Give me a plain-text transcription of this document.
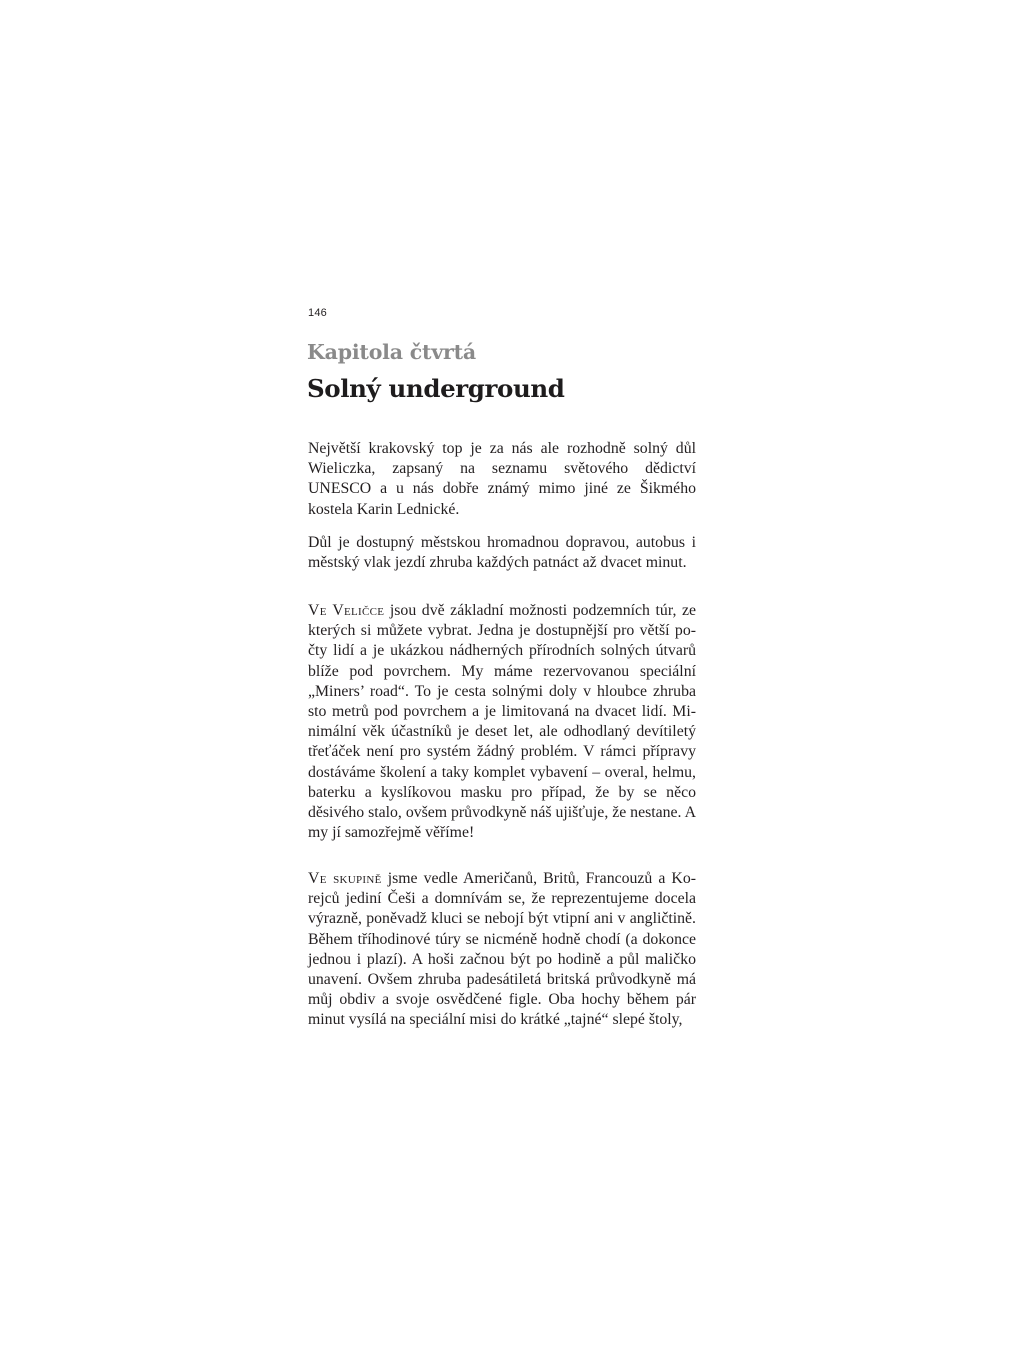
146
Kapitola čtvrtá
Solný underground

Největší krakovský top je za nás ale rozhodně solný důl Wieliczka, zapsaný na seznamu světového dědictví UNESCO a u nás dobře známý mimo jiné ze Šikmého kostela Karin Lednické.

Důl je dostupný městskou hromadnou dopravou, autobus i městský vlak jezdí zhruba každých patnáct až dvacet minut.

Ve Veličce jsou dvě základní možnosti podzemních túr, ze kterých si můžete vybrat. Jedna je dostupnější pro větší počty lidí a je ukázkou nádherných přírodních solných útvarů blíže pod povrchem. My máme rezervovanou speciální „Miners’ road“. To je cesta solnými doly v hloubce zhruba sto metrů pod povrchem a je limitovaná na dvacet lidí. Minimální věk účastníků je deset let, ale odhodlaný devítiletý třeťáček není pro systém žádný problém. V rámci přípravy dostáváme školení a taky komplet vybavení – overal, helmu, baterku a kyslíkovou masku pro případ, že by se něco děsivého stalo, ovšem průvodkyně náš ujišťuje, že nestane. A my jí samozřejmě věříme!

Ve skupině jsme vedle Američanů, Britů, Francouzů a Korejců jediní Češi a domnívám se, že reprezentujeme docela výrazně, poněvadž kluci se nebojí být vtipní ani v angličtině. Během tříhodinové túry se nicméně hodně chodí (a dokonce jednou i plazí). A hoši začnou být po hodině a půl maličko unavení. Ovšem zhruba padesátiletá britská průvodkyně má můj obdiv a svoje osvědčené figle. Oba hochy během pár minut vysílá na speciální misi do krátké „tajné“ slepé štoly,
